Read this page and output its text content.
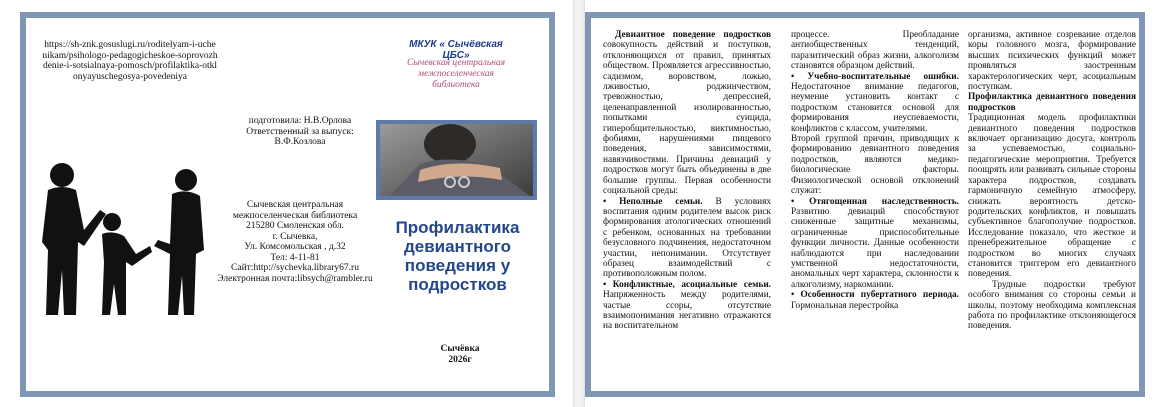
https://sh-znk.gosuslugi.ru/roditelyam-i-uchenikam/psihologo-pedagogicheskoe-soprovozhdenie-i-sotsialnaya-pomosch/profilaktika-otklonyayuschegosya-povedeniya
МКУК « Сычёвская ЦБС»
Сычевская центральная межпоселенческая библиотека
подготовила: Н.В.Орлова
Ответственный за выпуск:
В.Ф.Козлова
Сычевская центральная
межпоселенческая библиотека
215280 Смоленская обл.
г. Сычевка,
Ул. Комсомольская , д.32
Тел: 4-11-81
Сайт:http://sychevka.library67.ru
Электронная почта:libsych@rambler.ru
Профилактика девиантного поведения у подростков
Сычёвка
2026г

Девиантное поведение подростков совокупность действий и поступков, отклоняющихся от правил, принятых обществом. Проявляется агрессивностью, садизмом, воровством, ложью, лживостью, роджинчеством, тревожностью, депрессией, целенаправленной изолированностью, попытками суицида, гиперобщительностью, виктимностью, фобиями, нарушениями пищевого поведения, зависимостями, навязчивостями. Причины девиаций у подростков могут быть объединены в две большие группы. Первая особенности социальной среды:

• Неполные семьи. В условиях воспитания одним родителем высок риск формирования атологических отношений с ребенком, основанных на требовании безусловного подчинения, недостаточном участии, непонимании. Отсутствует образец взаимодействий с противоположным полом.

• Конфликтные, асоциальные семьи. Напряженность между родителями, частые ссоры, отсутствие взаимопонимания негативно отражаются на воспитательном

процессе. Преобладание антиобщественных тенденций, паразитический образ жизни, алкоголизм становятся образцом действий.

• Учебно-воспитательные ошибки. Недостаточное внимание педагогов, неумение установить контакт с подростком становится основой для формирования неуспеваемости, конфликтов с классом, учителями.

Второй группой причин, приводящих к формированию девиантного поведения подростков, являются медико-биологические факторы. Физиологической основой отклонений служат:

• Отягощенная наследственность. Развитию девиаций способствуют сниженные защитные механизмы, ограниченные приспособительные функции личности. Данные особенности наблюдаются при наследовании умственной недостаточности, аномальных черт характера, склонности к алкоголизму, наркомании.

• Особенности пубертатного периода. Гормональная перестройка

организма, активное созревание отделов коры головного мозга, формирование высших психических функций может проявляться заостренным характерологических черт, асоциальным поступкам.

Профилактика девиантного поведения подростков

Традиционная модель профилактики девиантного поведения подростков включает организацию досуга, контроль за успеваемостью, социально-педагогические мероприятия. Требуется поощрять или развивать сильные стороны характера подростков, создавать гармоничную семейную атмосферу, снижать вероятность детско-родительских конфликтов, и повышать субъективное благополучие подростков. Исследование показало, что жесткое и пренебрежительное обращение с подростком во многих случаях становится триггером его девиантного поведения.

Трудные подростки требуют особого внимания со стороны семьи и школы, поэтому необходима комплексная работа по профилактике отклоняющегося поведения.
